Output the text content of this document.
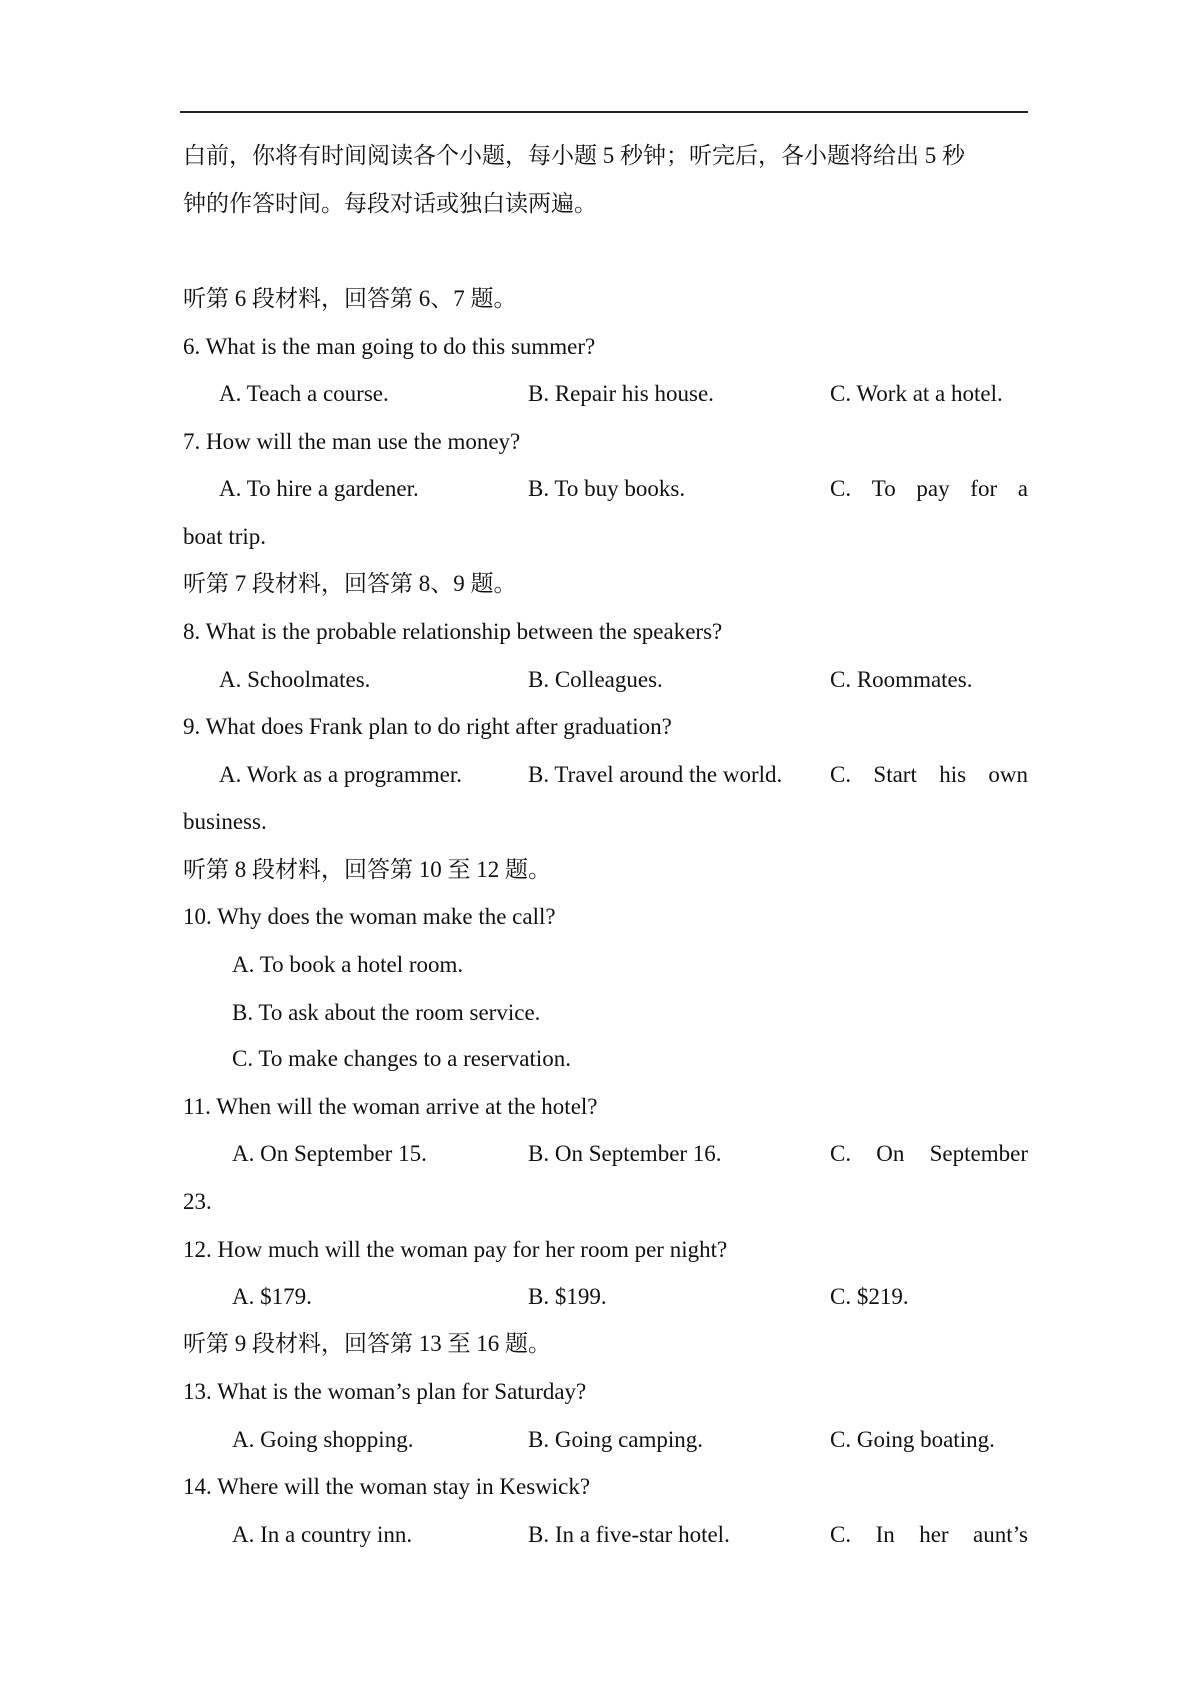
白前，你将有时间阅读各个小题，每小题 5 秒钟；听完后，各小题将给出 5 秒
钟的作答时间。每段对话或独白读两遍。
听第 6 段材料，回答第 6、7 题。
6. What is the man going to do this summer?
A. Teach a course.	B. Repair his house.	C. Work at a hotel.
7. How will the man use the money?
A. To hire a gardener.	B. To buy books.	C. To pay for a
boat trip.
听第 7 段材料，回答第 8、9 题。
8. What is the probable relationship between the speakers?
A. Schoolmates.	B. Colleagues.	C. Roommates.
9. What does Frank plan to do right after graduation?
A. Work as a programmer.	B. Travel around the world. C. Start his own
business.
听第 8 段材料，回答第 10 至 12 题。
10. Why does the woman make the call?
A. To book a hotel room.
B. To ask about the room service.
C. To make changes to a reservation.
11. When will the woman arrive at the hotel?
A. On September 15.	B. On September 16.	C. On September
23.
12. How much will the woman pay for her room per night?
A. $179.	B. $199.	C. $219.
听第 9 段材料，回答第 13 至 16 题。
13. What is the woman’s plan for Saturday?
A. Going shopping.	B. Going camping.	C. Going boating.
14. Where will the woman stay in Keswick?
A. In a country inn.	B. In a five-star hotel.	C. In her aunt’s
